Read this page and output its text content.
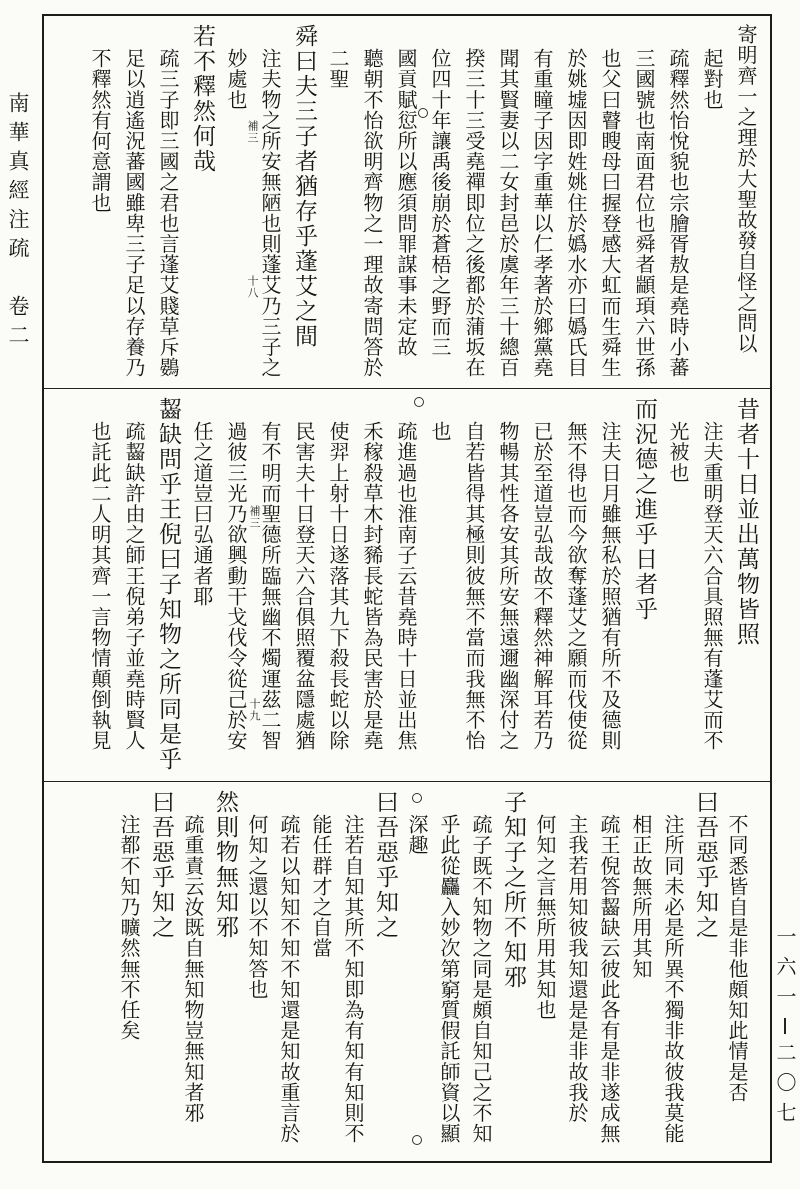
南華真經注疏　卷二
一六一
二〇七
寄明齊一之理於大聖故發自怪之問以
起對也
疏釋然怡悅貌也宗膾胥敖是堯時小蕃
三國號也南面君位也舜者顓頊六世孫
也父曰瞽瞍母曰握登感大虹而生舜生
於姚墟因即姓姚住於嬀水亦曰嬀氏目
有重瞳子因字重華以仁孝著於鄉黨堯
聞其賢妻以二女封邑於虞年三十總百
揆三十三受堯禪即位之後都於蒲坂在
位四十年讓禹後崩於蒼梧之野而三
國貢賦愆所以應須問罪謀事未定故
聽朝不怡欲明齊物之一理故寄問答於
二聖
舜曰夫三子者猶存乎蓬艾之間
注夫物之所安無陋也則蓬艾乃三子之
妙處也
若不釋然何哉
疏三子即三國之君也言蓬艾賤草斥鷃
足以逍遙況蕃國雖卑三子足以存養乃
不釋然有何意謂也	補三
十八
昔者十日並出萬物皆照
注夫重明登天六合具照無有蓬艾而不
光被也
而況德之進乎日者乎
注夫日月雖無私於照猶有所不及德則
無不得也而今欲奪蓬艾之願而伐使從
已於至道豈弘哉故不釋然神解耳若乃
物暢其性各安其所安無遠邇幽深付之
自若皆得其極則彼無不當而我無不怡
也
疏進過也淮南子云昔堯時十日並出焦
禾稼殺草木封豨長蛇皆為民害於是堯
使羿上射十日遂落其九下殺長蛇以除
民害夫十日登天六合俱照覆盆隱處猶
有不明而聖德所臨無幽不燭運茲二智
過彼三光乃欲興動干戈伐令從己於安
任之道豈曰弘通者耶
齧缺問乎王倪曰子知物之所同是乎
疏齧缺許由之師王倪弟子並堯時賢人
也託此二人明其齊一言物情顛倒執見	補三
十九
不同悉皆自是非他頗知此情是否
曰吾惡乎知之
注所同未必是所異不獨非故彼我莫能
相正故無所用其知
疏王倪答齧缺云彼此各有是非遂成無
主我若用知彼我知還是是非故我於
何知之言無所用其知也
子知子之所不知邪
疏子既不知物之同是頗自知己之不知
乎此從麤入妙次第窮質假託師資以顯
深趣
曰吾惡乎知之
注若自知其所不知即為有知有知則不
能任群才之自當
疏若以知知不知不知還是知故重言於
何知之還以不知答也
然則物無知邪
疏重責云汝既自無知物豈無知者邪
曰吾惡乎知之
注都不知乃曠然無不任矣
